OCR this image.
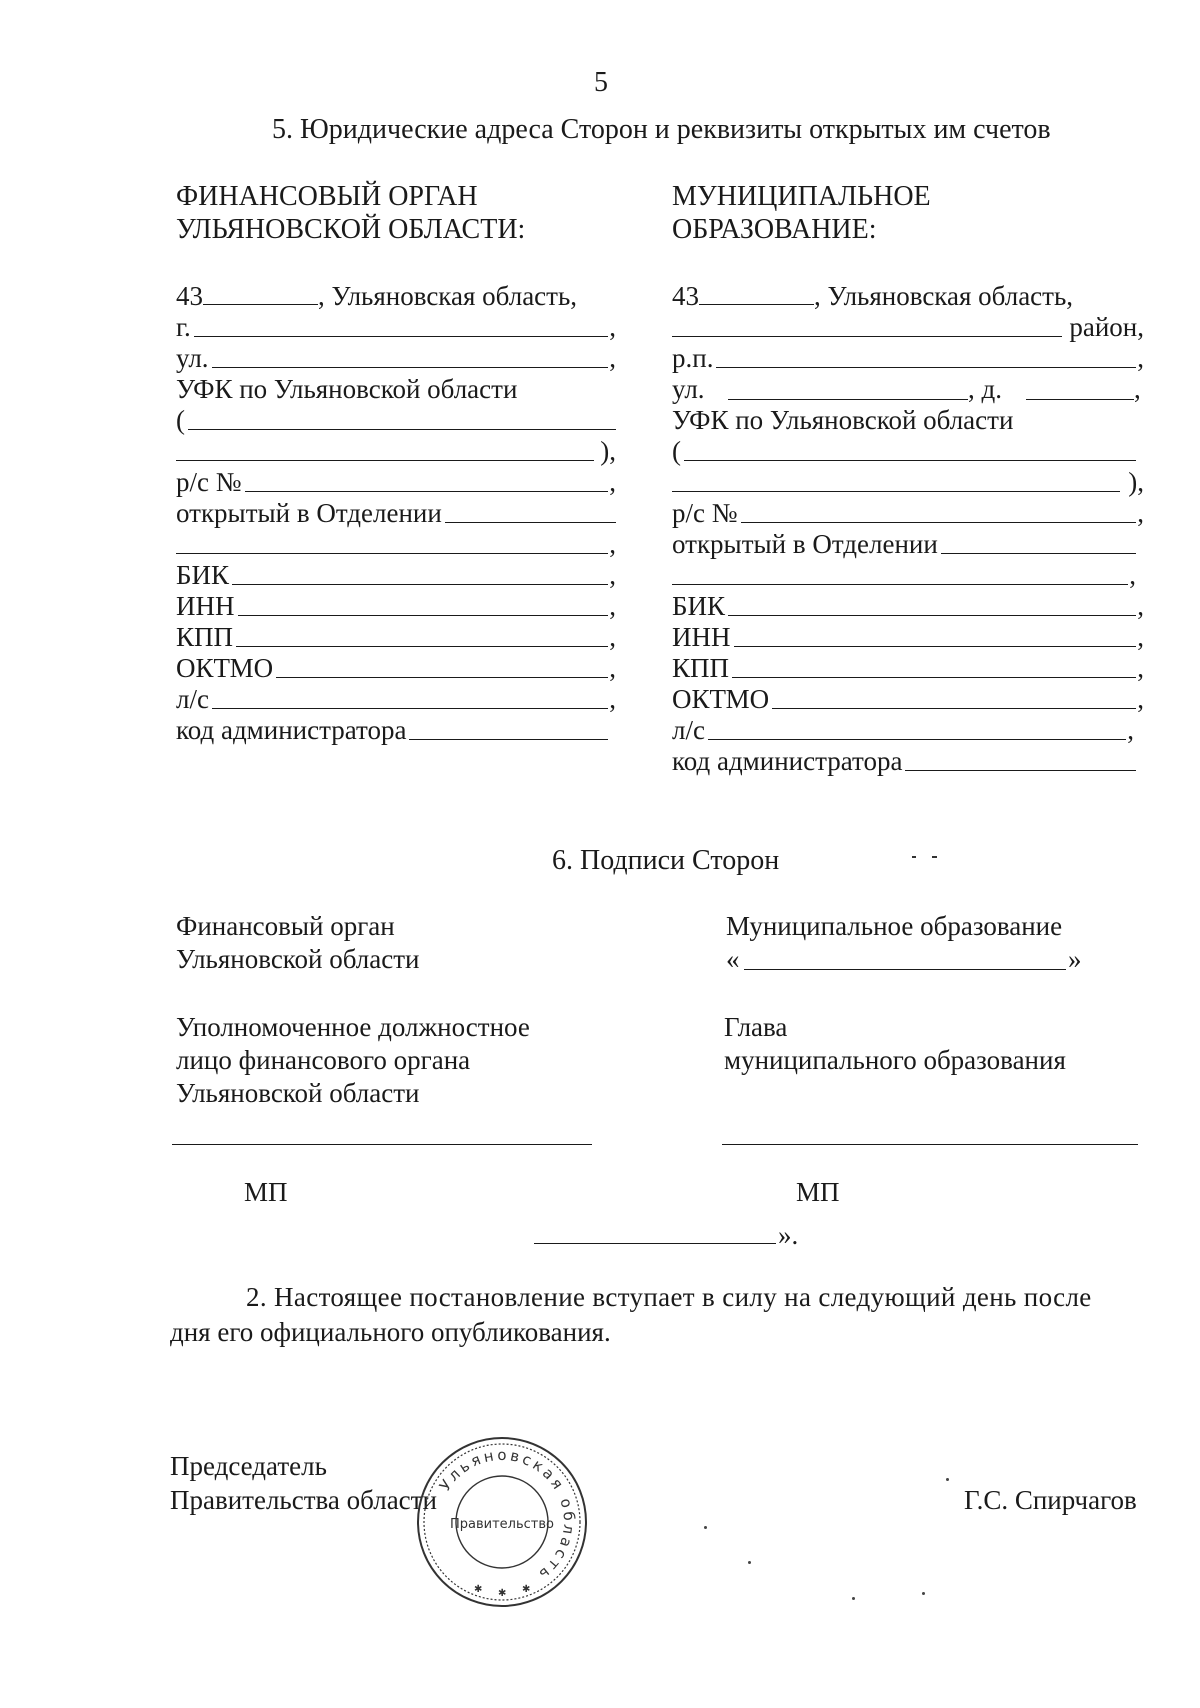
5
5. Юридические адреса Сторон и реквизиты открытых им счетов
ФИНАНСОВЫЙ ОРГАН
УЛЬЯНОВСКОЙ ОБЛАСТИ:
43	, Ульяновская область,
г.	,
ул.	,
УФК по Ульяновской области
(
),
р/с №	,
открытый в Отделении
,
БИК	,
ИНН	,
КПП	,
ОКТМО	,
л/с	,
код администратора
МУНИЦИПАЛЬНОЕ
ОБРАЗОВАНИЕ:
43	, Ульяновская область,
район,
р.п.	,
ул.	, д.	,
УФК по Ульяновской области
(
),
р/с №	,
открытый в Отделении
,
БИК	,
ИНН	,
КПП	,
ОКТМО	,
л/с	,
код администратора
6. Подписи Сторон
Финансовый орган
Ульяновской области
Муниципальное образование
«	»
Уполномоченное должностное
лицо финансового органа
Ульяновской области
Глава
муниципального образования
МП	МП
».
2. Настоящее постановление вступает в силу на следующий день после
дня его официального опубликования.
Председатель
Правительства области	Г.С. Спирчагов
Ульяновская область
Правительство
✱ ✱ ✱
